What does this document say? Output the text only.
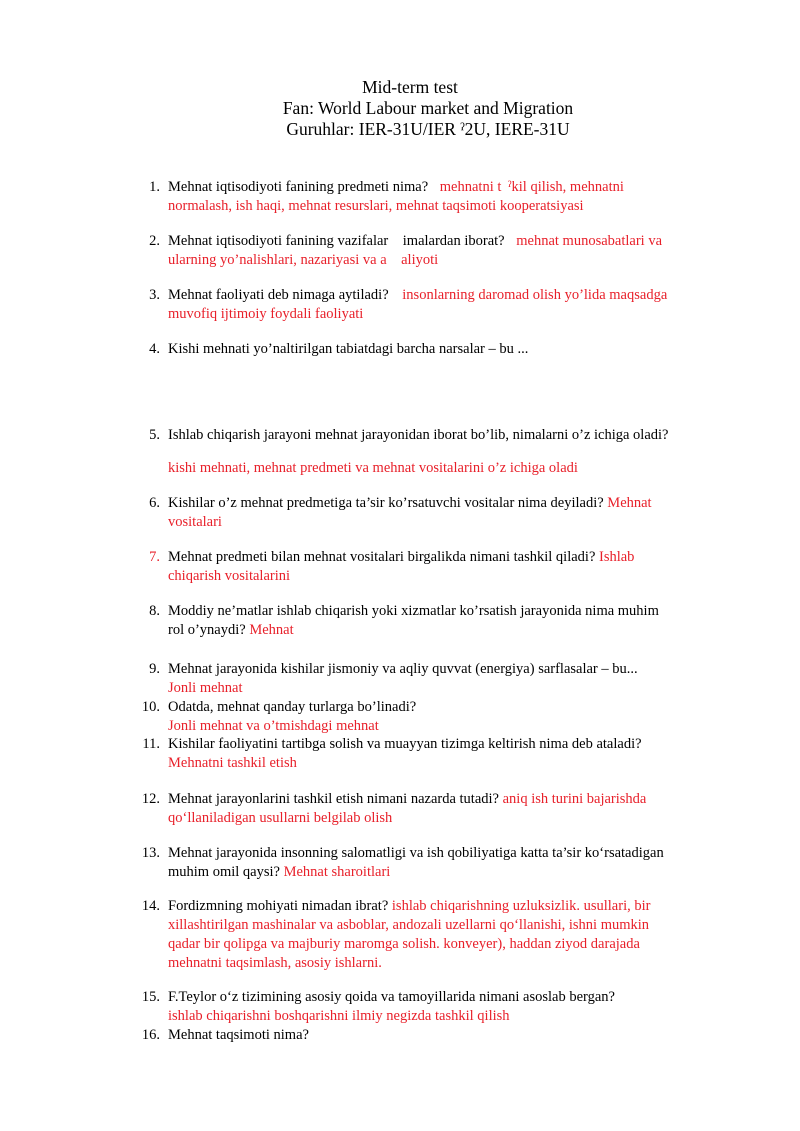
Mid-term test
Fan: World Labour market and Migration
Guruhlar: IER-31U/IER ˀ2U, IERE-31U
1. Mehnat iqtisodiyoti fanining predmeti nima? mehnatni t  ˀkil qilish, mehnatni
normalash, ish haqi, mehnat resurslari, mehnat taqsimoti kooperatsiyasi
2. Mehnat iqtisodiyoti fanining vazifalar    imalardan iborat? mehnat munosabatlari va
ularning yo’nalishlari, nazariyasi va a    aliyoti
3. Mehnat faoliyati deb nimaga aytiladi? insonlarning daromad olish yo’lida maqsadga
muvofiq ijtimoiy foydali faoliyati
4. Kishi mehnati yo’naltirilgan tabiatdagi barcha narsalar – bu ...
5. Ishlab chiqarish jarayoni mehnat jarayonidan iborat bo’lib, nimalarni o’z ichiga oladi?
kishi mehnati, mehnat predmeti va mehnat vositalarini o’z ichiga oladi
6. Kishilar o’z mehnat predmetiga ta’sir ko’rsatuvchi vositalar nima deyiladi? Mehnat
vositalari
7. Mehnat predmeti bilan mehnat vositalari birgalikda nimani tashkil qiladi? Ishlab
chiqarish vositalarini
8. Moddiy ne’matlar ishlab chiqarish yoki xizmatlar ko’rsatish jarayonida nima muhim
rol o’ynaydi? Mehnat
9. Mehnat jarayonida kishilar jismoniy va aqliy quvvat (energiya) sarflasalar – bu...
Jonli mehnat
10. Odatda, mehnat qanday turlarga bo’linadi?
Jonli mehnat va o’tmishdagi mehnat
11. Kishilar faoliyatini tartibga solish va muayyan tizimga keltirish nima deb ataladi?
Mehnatni tashkil etish
12. Mehnat jarayonlarini tashkil etish nimani nazarda tutadi? aniq ish turini bajarishda
qo‘llaniladigan usullarni belgilab olish
13. Mehnat jarayonida insonning salomatligi va ish qobiliyatiga katta ta’sir ko‘rsatadigan
muhim omil qaysi? Mehnat sharoitlari
14. Fordizmning mohiyati nimadan ibrat? ishlab chiqarishning uzluksizlik. usullari, bir
xillashtirilgan mashinalar va asboblar, andozali uzellarni qo‘llanishi, ishni mumkin
qadar bir qolipga va majburiy maromga solish. konveyer), haddan ziyod darajada
mehnatni taqsimlash, asosiy ishlarni.
15. F.Teylor o‘z tizimining asosiy qoida va tamoyillarida nimani asoslab bergan?
ishlab chiqarishni boshqarishni ilmiy negizda tashkil qilish
16. Mehnat taqsimoti nima?
